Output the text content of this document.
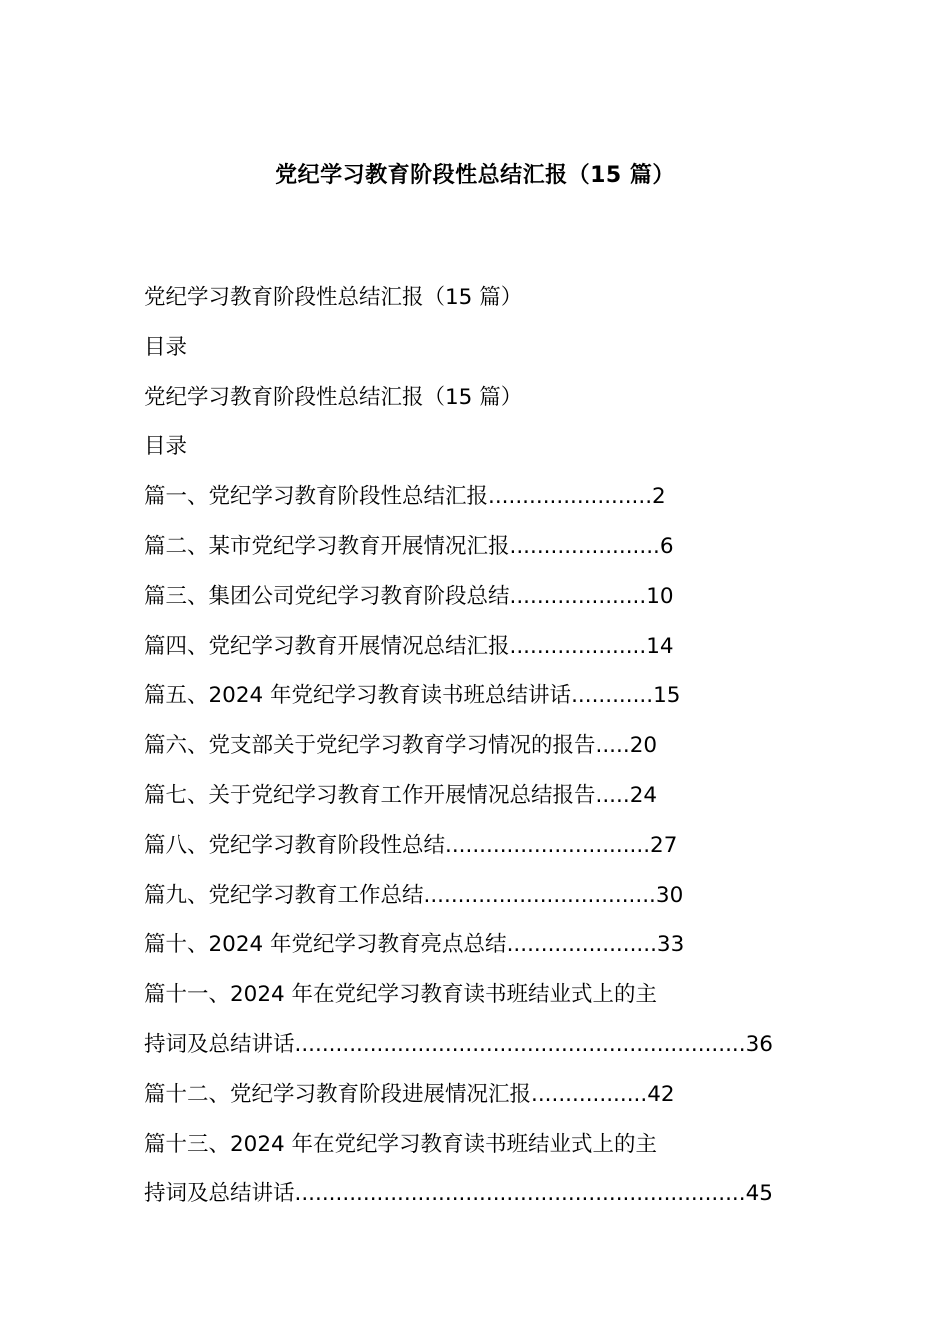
党纪学习教育阶段性总结汇报（15 篇）
党纪学习教育阶段性总结汇报（15 篇）
目录
党纪学习教育阶段性总结汇报（15 篇）
目录
篇一、党纪学习教育阶段性总结汇报........................2
篇二、某市党纪学习教育开展情况汇报......................6
篇三、集团公司党纪学习教育阶段总结....................10
篇四、党纪学习教育开展情况总结汇报....................14
篇五、2024 年党纪学习教育读书班总结讲话............15
篇六、党支部关于党纪学习教育学习情况的报告.....20
篇七、关于党纪学习教育工作开展情况总结报告.....24
篇八、党纪学习教育阶段性总结..............................27
篇九、党纪学习教育工作总结..................................30
篇十、2024 年党纪学习教育亮点总结......................33
篇十一、2024 年在党纪学习教育读书班结业式上的主
持词及总结讲话..................................................................36
篇十二、党纪学习教育阶段进展情况汇报.................42
篇十三、2024 年在党纪学习教育读书班结业式上的主
持词及总结讲话..................................................................45
